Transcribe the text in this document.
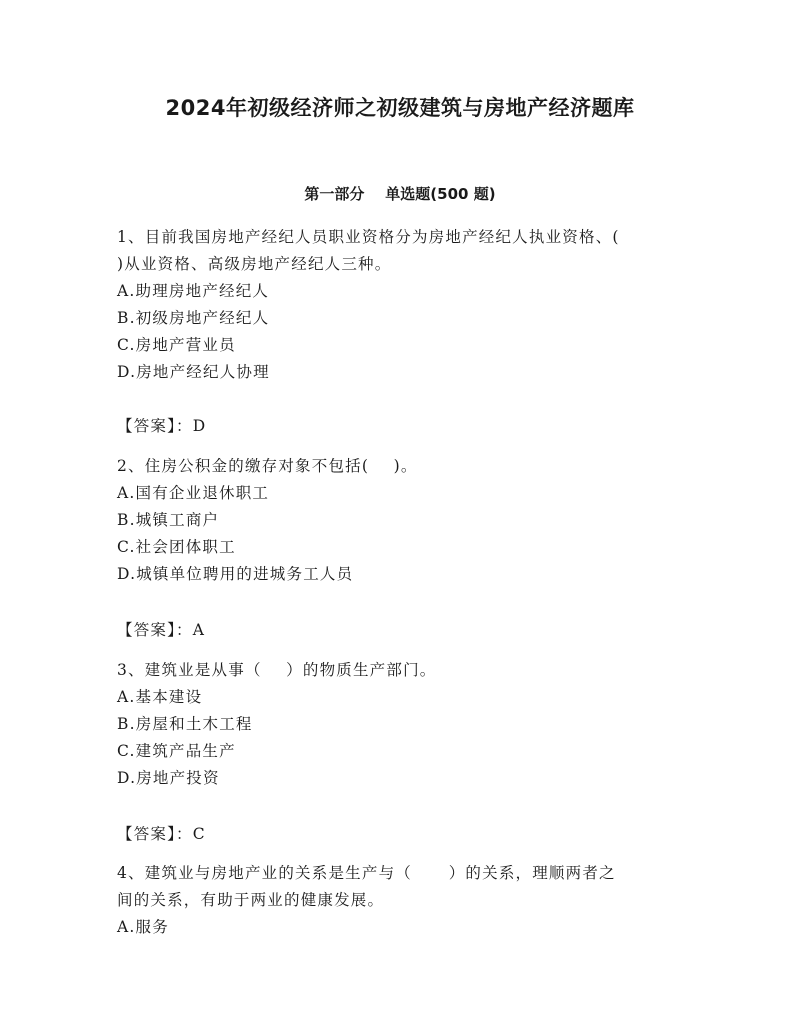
2024年初级经济师之初级建筑与房地产经济题库
第一部分    单选题(500 题)
1、目前我国房地产经纪人员职业资格分为房地产经纪人执业资格、(
)从业资格、高级房地产经纪人三种。
A.助理房地产经纪人
B.初级房地产经纪人
C.房地产营业员
D.房地产经纪人协理
【答案】：D
2、住房公积金的缴存对象不包括(    )。
A.国有企业退休职工
B.城镇工商户
C.社会团体职工
D.城镇单位聘用的进城务工人员
【答案】：A
3、建筑业是从事（    ）的物质生产部门。
A.基本建设
B.房屋和土木工程
C.建筑产品生产
D.房地产投资
【答案】：C
4、建筑业与房地产业的关系是生产与（      ）的关系，理顺两者之
间的关系，有助于两业的健康发展。
A.服务
